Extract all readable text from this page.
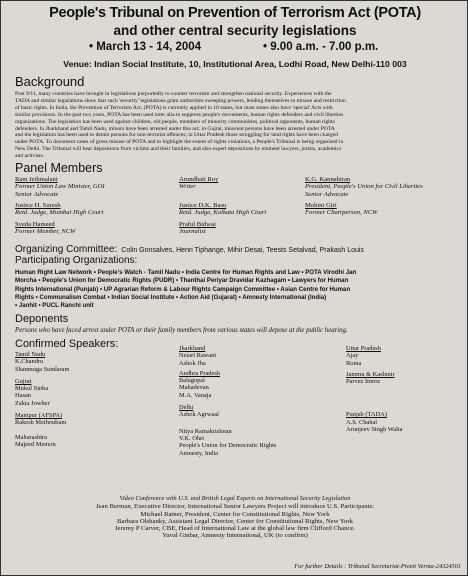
People's Tribunal on Prevention of Terrorism Act (POTA)
and other central security legislations
• March 13 - 14, 2004	• 9.00 a.m. - 7.00 p.m.
Venue: Indian Social Institute, 10, Institutional Area, Lodhi Road, New Delhi-110 003
Background
Post 9/11, many countries have brought in legislations purportedly to counter terrorism and strengthen national security. Experiences with the
TADA and similar legislations show that such 'security' legislations grant authorities sweeping powers, lending themselves to misuse and restriction
of basic rights. In India, the Prevention of Terrorism Act, (POTA) is currently applied in 10 states, but most states also have 'special' Acts with
similar provisions. In the past two years, POTA has been used inter alia to suppress people's movements, human rights defenders and civil liberties
organizations. The legislation has been used against children, old people, members of minority communities, political opponents, human rights
defenders. In Jharkhand and Tamil Nadu, minors have been arrested under this act; in Gujrat, innocent persons have been arrested under POTA
and the legislation has been used to detain persons for non-terrorist offences; in Uttar Pradesh those struggling for land rights have been charged
under POTA. To document cases of gross misuse of POTA and to highlight the extent of rights violations, a People's Tribunal is being organized in
New Delhi. The Tribunal will hear depositions from victims and their families, and also expert depositions by eminent lawyers, jurists, academics
and activists.
Panel Members
Ram Jethmalani
Former Union Law Minister, GOI
Senior Advocate
Arundhati Roy
Writer
K.G. Kannabiran
President, People's Union for Civil Liberties
Senior Advocate
Justice H. Suresh
Retd. Judge, Mumbai High Court
Justice D.K. Basu
Retd. Judge, Kolkata High Court
Mohini Giri
Former Chairperson, NCW
Syeda Hameed
Former Member, NCW
Praful Bidwai
Journalist
Organizing Committee: Colin Gonsalves, Henri Tiphange, Mihir Desai, Teests Setalvad, Prakash Louis
Participating Organizations:
Human Right Law Network • People's Watch - Tamil Nadu • India Centre for Human Rights and Law • POTA Virodhi Jan
Morcha • People's Union for Democratic Rights (PUDR) • Thanthai Periyar Dravidar Kazhagam • Lawyers for Human
Rights International (Punjab) • UP Agrarian Reform & Labour Rights Campaign Committee • Asian Centre for Human
Rights • Communalism Combat • Indian Social Institute • Action Aid (Gujarat) • Amnesty International (India)
• Janhit • PUCL Ranchi unit
Deponents
Persons who have faced arrest under POTA or their family members from various states will depose at the public hearing.
Confirmed Speakers:
Tamil Nadu
K.Chandru
Shanmuga Sundaram
Gujrat
Mukul Sinha
Hasan
Zakia Jowher
Manipur (AFSPA)
Rakesh Meihoubam
Maharashtra
Majeed Memon
Jharkhand
Netari Rawani
Ashok Jha
Andhra Pradesh
Balagopal
Mahadevan
M.A. Vanaja
Delhi
Ashok Agrwaal
Nitya Ramakrishnan
V.K. Ohri
People's Union for Democratic Rights
Amnesty, India
Uttar Pradesh
Ajay
Roma
Jammu & Kashmir
Parvez Imroz
Punjab (TADA)
A.S. Chahal
Arunjeev Singh Walia
Video Conference with U.S. and British Legal Experts on International Security Legislation
Jean Berman, Executive Director, International Senior Lawyers Project will introduce U.S. Participants:
Michael Ratner, President, Center for Constitutional Rights, New York
Barbara Olshanky, Assistant Legal Director, Center for Constitutional Rights, New York
Jeremy P Carver, CBE, Head of International Law at the global law firm Clifford Chance.
Yuval Ginbar, Amnesty International, UK (to confirm)
For further Details : Tribunal Secretariat-Preeti Verma-24324501
